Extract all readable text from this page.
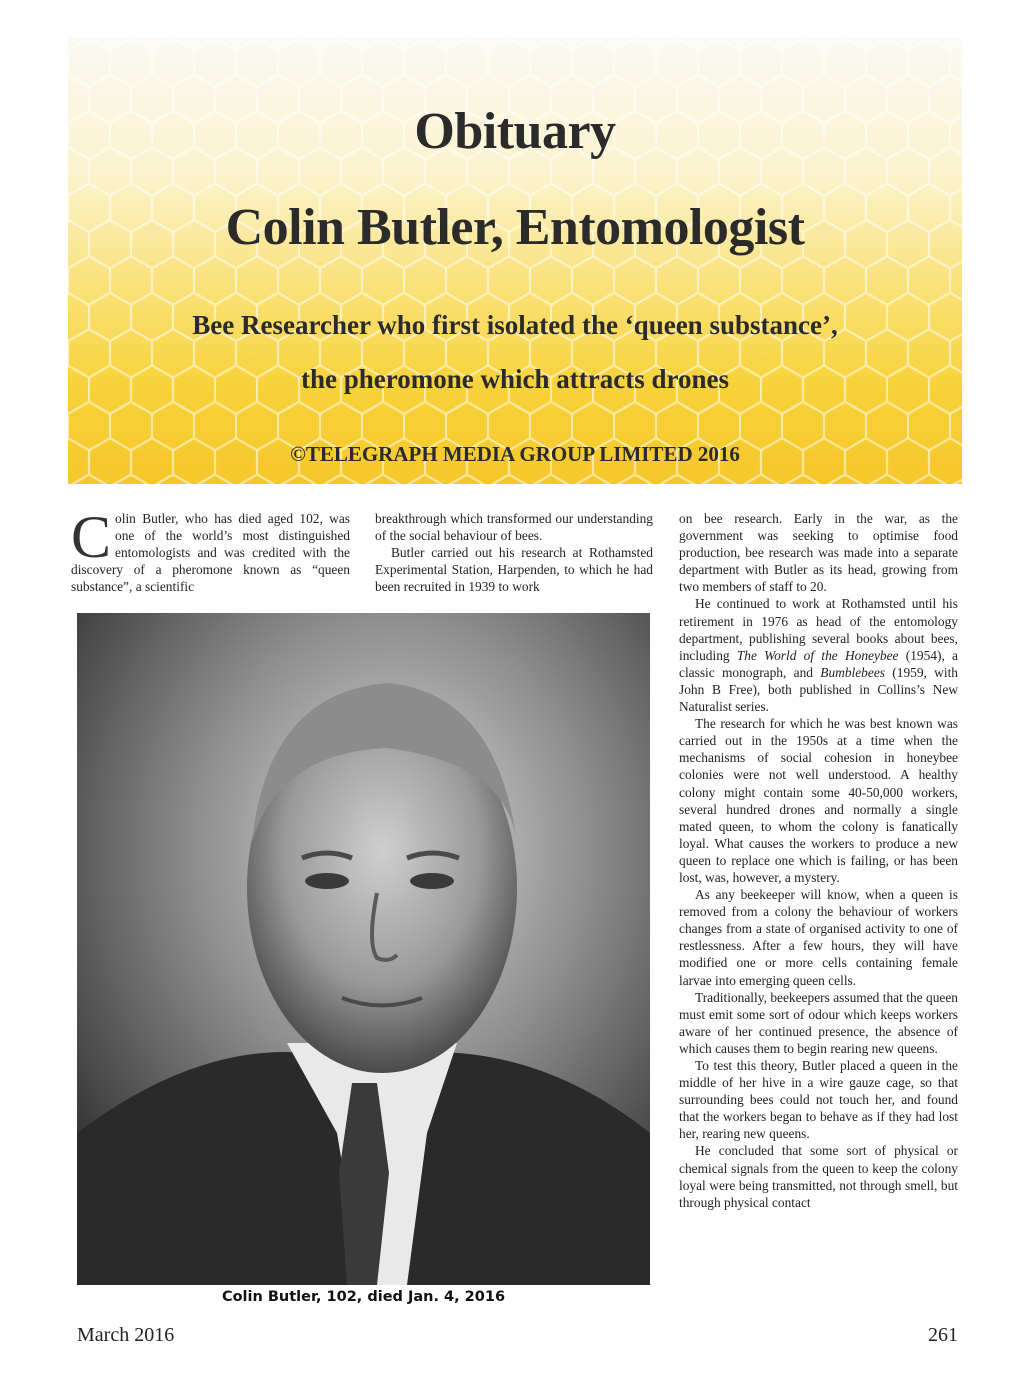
Obituary
Colin Butler, Entomologist
Bee Researcher who first isolated the ‘queen substance’,
the pheromone which attracts drones
©TELEGRAPH MEDIA GROUP LIMITED 2016

Colin Butler, who has died aged 102, was one of the world’s most distinguished entomologists and was credited with the discovery of a pheromone known as “queen substance”, a scientific

breakthrough which transformed our understanding of the social behaviour of bees.

Butler carried out his research at Rothamsted Experimental Station, Harpenden, to which he had been recruited in 1939 to work

Colin Butler, 102, died Jan. 4, 2016

on bee research. Early in the war, as the government was seeking to optimise food production, bee research was made into a separate department with Butler as its head, growing from two members of staff to 20.

He continued to work at Rothamsted until his retirement in 1976 as head of the entomology department, publishing several books about bees, including The World of the Honeybee (1954), a classic monograph, and Bumblebees (1959, with John B Free), both published in Collins’s New Naturalist series.

The research for which he was best known was carried out in the 1950s at a time when the mechanisms of social cohesion in honeybee colonies were not well understood. A healthy colony might contain some 40-50,000 workers, several hundred drones and normally a single mated queen, to whom the colony is fanatically loyal. What causes the workers to produce a new queen to replace one which is failing, or has been lost, was, however, a mystery.

As any beekeeper will know, when a queen is removed from a colony the behaviour of workers changes from a state of organised activity to one of restlessness. After a few hours, they will have modified one or more cells containing female larvae into emerging queen cells.

Traditionally, beekeepers assumed that the queen must emit some sort of odour which keeps workers aware of her continued presence, the absence of which causes them to begin rearing new queens.

To test this theory, Butler placed a queen in the middle of her hive in a wire gauze cage, so that surrounding bees could not touch her, and found that the workers began to behave as if they had lost her, rearing new queens.

He concluded that some sort of physical or chemical signals from the queen to keep the colony loyal were being transmitted, not through smell, but through physical contact

March 2016	261
